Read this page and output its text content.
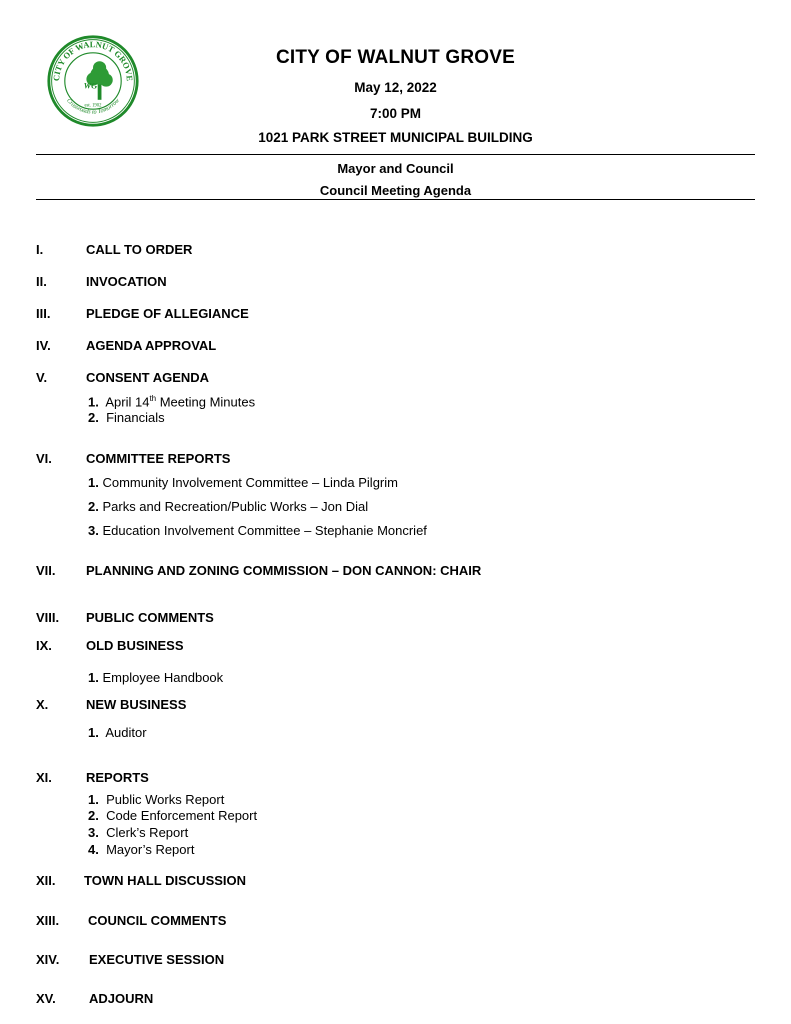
CITY OF WALNUT GROVE
Crossroads to Tomorrow
WG
est. 1902
CITY OF WALNUT GROVE
May 12, 2022
7:00 PM
1021 PARK STREET MUNICIPAL BUILDING
Mayor and Council
Council Meeting Agenda
I.	CALL TO ORDER
II.	INVOCATION
III.	PLEDGE OF ALLEGIANCE
IV.	AGENDA APPROVAL
V.	CONSENT AGENDA
1. April 14th Meeting Minutes
2. Financials
VI.	COMMITTEE REPORTS
1. Community Involvement Committee – Linda Pilgrim
2. Parks and Recreation/Public Works – Jon Dial
3. Education Involvement Committee – Stephanie Moncrief
VII. PLANNING AND ZONING COMMISSION – DON CANNON: CHAIR
VIII. PUBLIC COMMENTS
IX.	OLD BUSINESS
1. Employee Handbook
X.	NEW BUSINESS
1. Auditor
XI.	REPORTS
1. Public Works Report
2. Code Enforcement Report
3. Clerk’s Report
4. Mayor’s Report
XII. TOWN HALL DISCUSSION
XIII. COUNCIL COMMENTS
XIV. EXECUTIVE SESSION
XV.	ADJOURN
